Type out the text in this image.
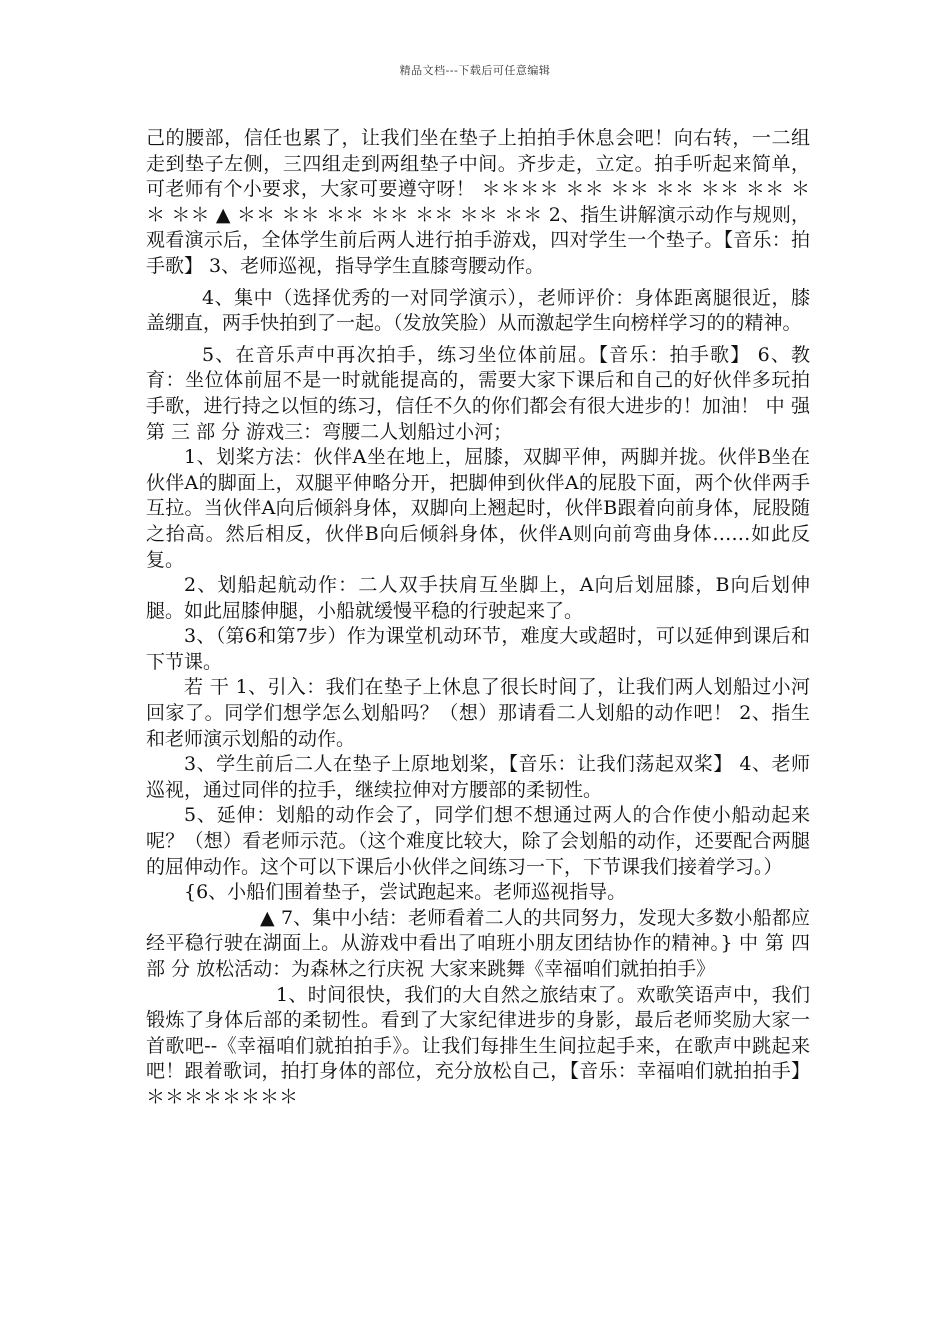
精品文档---下载后可任意编辑

己的腰部，信任也累了，让我们坐在垫子上拍拍手休息会吧！向右转，一二组走到垫子左侧，三四组走到两组垫子中间。齐步走，立定。拍手听起来简单，可老师有个小要求，大家可要遵守呀！ ＊＊＊＊ ＊＊ ＊＊ ＊＊ ＊＊ ＊＊ ＊＊ ＊＊ ▲ ＊＊ ＊＊ ＊＊ ＊＊ ＊＊ ＊＊ ＊＊ 2、指生讲解演示动作与规则，观看演示后，全体学生前后两人进行拍手游戏，四对学生一个垫子。【音乐：拍手歌】 3、老师巡视，指导学生直膝弯腰动作。

4、集中（选择优秀的一对同学演示），老师评价：身体距离腿很近，膝盖绷直，两手快拍到了一起。（发放笑脸）从而激起学生向榜样学习的的精神。

5、在音乐声中再次拍手，练习坐位体前屈。【音乐：拍手歌】 6、教育：坐位体前屈不是一时就能提高的，需要大家下课后和自己的好伙伴多玩拍手歌，进行持之以恒的练习，信任不久的你们都会有很大进步的！加油！ 中 强 第 三 部 分 游戏三：弯腰二人划船过小河；

1、划桨方法：伙伴A坐在地上，屈膝，双脚平伸，两脚并拢。伙伴B坐在伙伴A的脚面上，双腿平伸略分开，把脚伸到伙伴A的屁股下面，两个伙伴两手互拉。当伙伴A向后倾斜身体，双脚向上翘起时，伙伴B跟着向前身体，屁股随之抬高。然后相反，伙伴B向后倾斜身体，伙伴A则向前弯曲身体……如此反复。

2、划船起航动作：二人双手扶肩互坐脚上，A向后划屈膝，B向后划伸腿。如此屈膝伸腿，小船就缓慢平稳的行驶起来了。

3、（第6和第7步）作为课堂机动环节，难度大或超时，可以延伸到课后和下节课。

若 干 1、引入：我们在垫子上休息了很长时间了，让我们两人划船过小河回家了。同学们想学怎么划船吗？（想）那请看二人划船的动作吧！ 2、指生和老师演示划船的动作。

3、学生前后二人在垫子上原地划桨，【音乐：让我们荡起双桨】 4、老师巡视，通过同伴的拉手，继续拉伸对方腰部的柔韧性。

5、延伸：划船的动作会了，同学们想不想通过两人的合作使小船动起来呢？（想）看老师示范。（这个难度比较大，除了会划船的动作，还要配合两腿的屈伸动作。这个可以下课后小伙伴之间练习一下，下节课我们接着学习。）

{6、小船们围着垫子，尝试跑起来。老师巡视指导。

▲ 7、集中小结：老师看着二人的共同努力，发现大多数小船都应经平稳行驶在湖面上。从游戏中看出了咱班小朋友团结协作的精神。} 中 第 四 部 分 放松活动：为森林之行庆祝 大家来跳舞《幸福咱们就拍拍手》

1、时间很快，我们的大自然之旅结束了。欢歌笑语声中，我们锻炼了身体后部的柔韧性。看到了大家纪律进步的身影，最后老师奖励大家一首歌吧--《幸福咱们就拍拍手》。让我们每排生生间拉起手来，在歌声中跳起来吧！跟着歌词，拍打身体的部位，充分放松自己，【音乐：幸福咱们就拍拍手】 ＊＊＊＊＊＊＊＊
